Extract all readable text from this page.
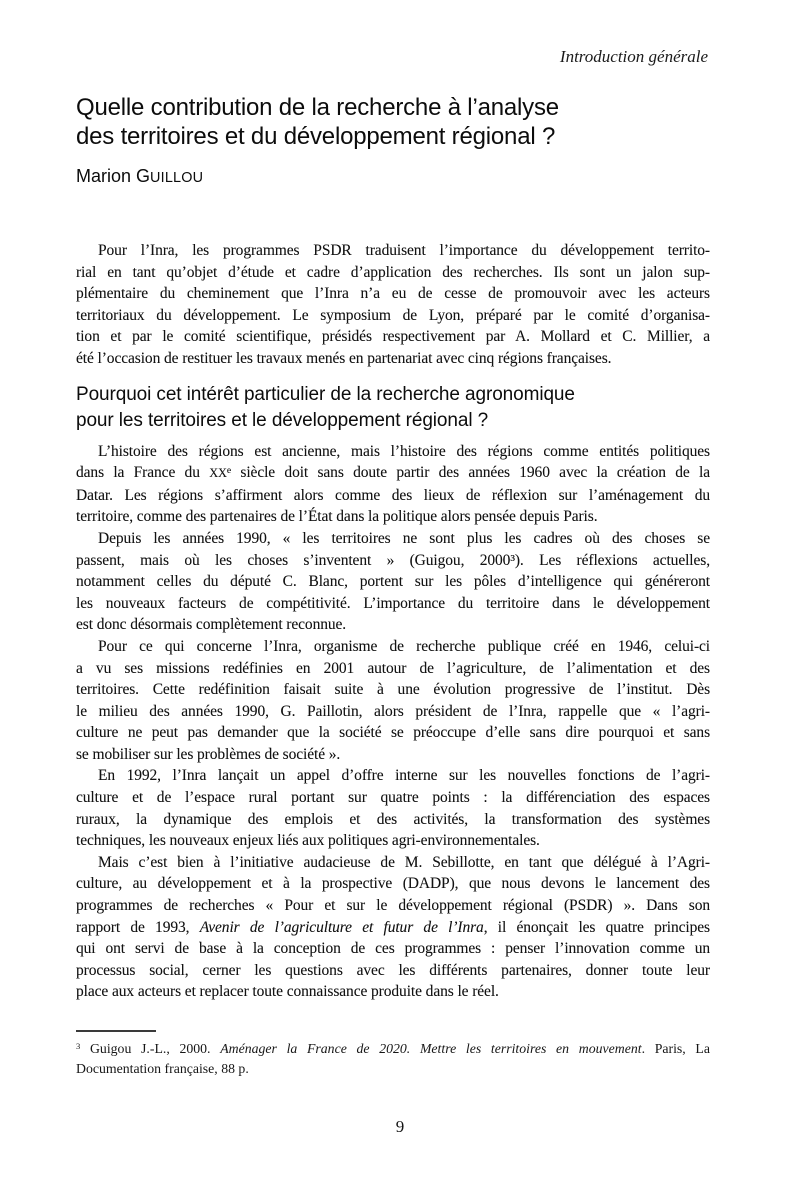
Introduction générale
Quelle contribution de la recherche à l’analyse
des territoires et du développement régional ?
Marion GUILLOU
Pour l’Inra, les programmes PSDR traduisent l’importance du développement territo-
rial en tant qu’objet d’étude et cadre d’application des recherches. Ils sont un jalon sup-
plémentaire du cheminement que l’Inra n’a eu de cesse de promouvoir avec les acteurs
territoriaux du développement. Le symposium de Lyon, préparé par le comité d’organisa-
tion et par le comité scientifique, présidés respectivement par A. Mollard et C. Millier, a
été l’occasion de restituer les travaux menés en partenariat avec cinq régions françaises.
Pourquoi cet intérêt particulier de la recherche agronomique
pour les territoires et le développement régional ?
L’histoire des régions est ancienne, mais l’histoire des régions comme entités politiques
dans la France du XXe siècle doit sans doute partir des années 1960 avec la création de la
Datar. Les régions s’affirment alors comme des lieux de réflexion sur l’aménagement du
territoire, comme des partenaires de l’État dans la politique alors pensée depuis Paris.
Depuis les années 1990, « les territoires ne sont plus les cadres où des choses se
passent, mais où les choses s’inventent » (Guigou, 2000³). Les réflexions actuelles,
notamment celles du député C. Blanc, portent sur les pôles d’intelligence qui généreront
les nouveaux facteurs de compétitivité. L’importance du territoire dans le développement
est donc désormais complètement reconnue.
Pour ce qui concerne l’Inra, organisme de recherche publique créé en 1946, celui-ci
a vu ses missions redéfinies en 2001 autour de l’agriculture, de l’alimentation et des
territoires. Cette redéfinition faisait suite à une évolution progressive de l’institut. Dès
le milieu des années 1990, G. Paillotin, alors président de l’Inra, rappelle que « l’agri-
culture ne peut pas demander que la société se préoccupe d’elle sans dire pourquoi et sans
se mobiliser sur les problèmes de société ».
En 1992, l’Inra lançait un appel d’offre interne sur les nouvelles fonctions de l’agri-
culture et de l’espace rural portant sur quatre points : la différenciation des espaces
ruraux, la dynamique des emplois et des activités, la transformation des systèmes
techniques, les nouveaux enjeux liés aux politiques agri-environnementales.
Mais c’est bien à l’initiative audacieuse de M. Sebillotte, en tant que délégué à l’Agri-
culture, au développement et à la prospective (DADP), que nous devons le lancement des
programmes de recherches « Pour et sur le développement régional (PSDR) ». Dans son
rapport de 1993, Avenir de l’agriculture et futur de l’Inra, il énonçait les quatre principes
qui ont servi de base à la conception de ces programmes : penser l’innovation comme un
processus social, cerner les questions avec les différents partenaires, donner toute leur
place aux acteurs et replacer toute connaissance produite dans le réel.
$^3$ Guigou J.-L., 2000. Aménager la France de 2020. Mettre les territoires en mouvement. Paris, La
Documentation française, 88 p.
9
